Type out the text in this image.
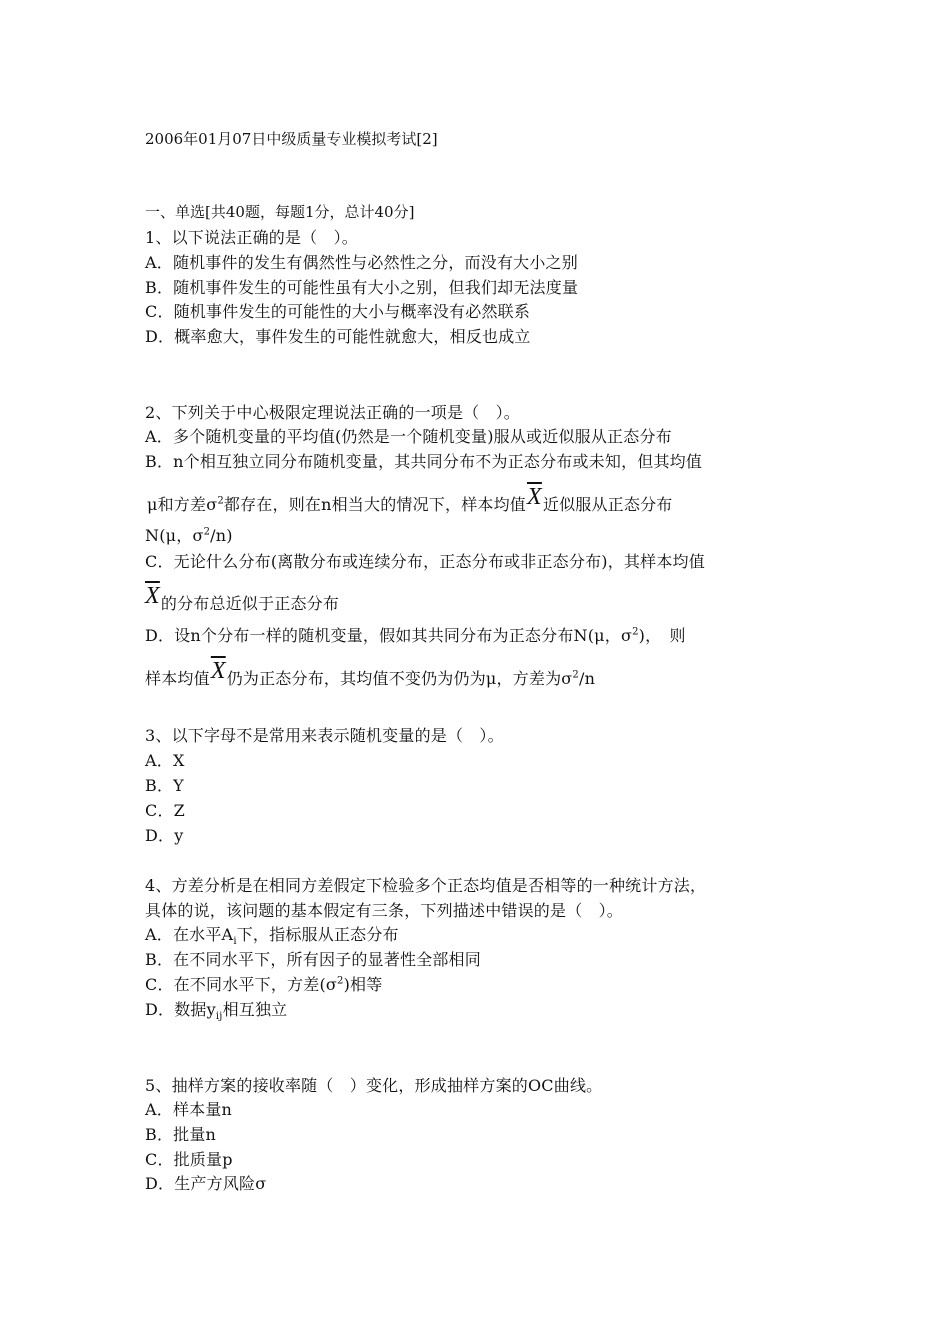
2006年01月07日中级质量专业模拟考试[2]
一、单选[共40题，每题1分，总计40分]
1、以下说法正确的是（　）。
A．随机事件的发生有偶然性与必然性之分，而没有大小之别
B．随机事件发生的可能性虽有大小之别，但我们却无法度量
C．随机事件发生的可能性的大小与概率没有必然联系
D．概率愈大，事件发生的可能性就愈大，相反也成立
2、下列关于中心极限定理说法正确的一项是（　）。
A．多个随机变量的平均值(仍然是一个随机变量)服从或近似服从正态分布
B．n个相互独立同分布随机变量，其共同分布不为正态分布或未知，但其均值
μ和方差$\sigma^2$都存在，则在n相当大的情况下，样本均值$\overline{X}$近似服从正态分布
N(μ，$\sigma^2/n$)
C．无论什么分布(离散分布或连续分布，正态分布或非正态分布)，其样本均值
$\overline{X}$的分布总近似于正态分布
D．设n个分布一样的随机变量，假如其共同分布为正态分布N(μ，$\sigma^2$)，　则
样本均值$\overline{X}$仍为正态分布，其均值不变仍为仍为μ，方差为$\sigma^2/n$
3、以下字母不是常用来表示随机变量的是（　）。
A．X
B．Y
C．Z
D．y
4、方差分析是在相同方差假定下检验多个正态均值是否相等的一种统计方法，
具体的说，该问题的基本假定有三条，下列描述中错误的是（　）。
A．在水平$A_i$下，指标服从正态分布
B．在不同水平下，所有因子的显著性全部相同
C．在不同水平下，方差$(\sigma^2)$相等
D．数据$y_{ij}$相互独立
5、抽样方案的接收率随（　）变化，形成抽样方案的OC曲线。
A．样本量n
B．批量n
C．批质量p
D．生产方风险σ
